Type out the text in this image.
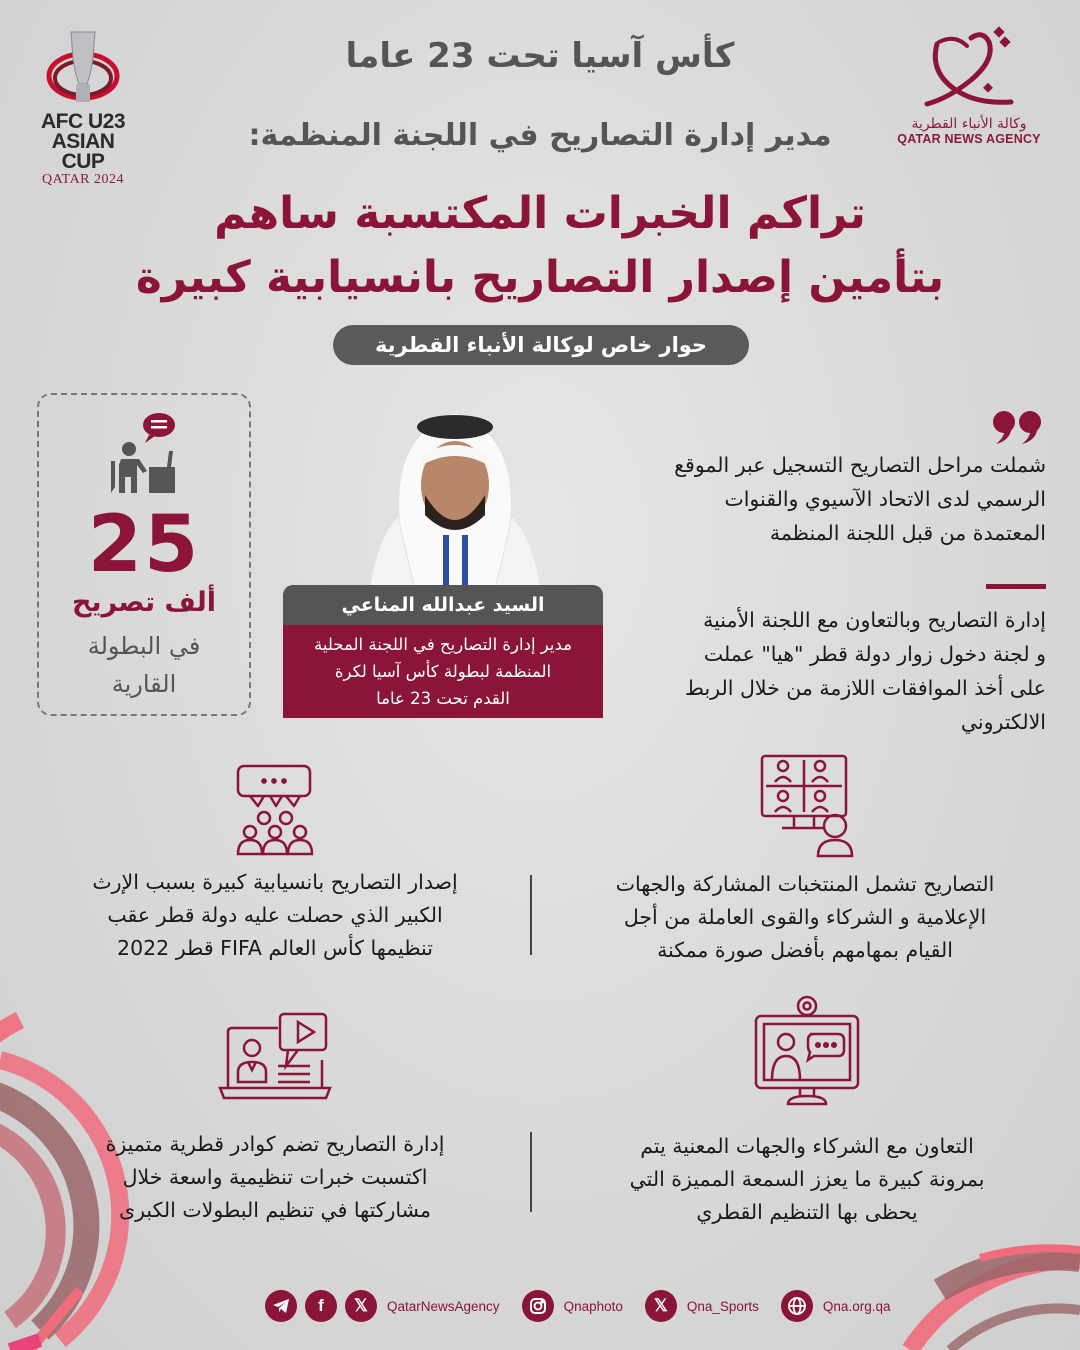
AFC U23
ASIAN CUP
QATAR 2024
وكالة الأنباء القطرية
QATAR NEWS AGENCY
كأس آسيا تحت 23 عاما
مدير إدارة التصاريح في اللجنة المنظمة:
تراكم الخبرات المكتسبة ساهم
بتأمين إصدار التصاريح بانسيابية كبيرة
حوار خاص لوكالة الأنباء القطرية
25
ألف تصريح
في البطولة
القارية
السيد عبدالله المناعي
مدير إدارة التصاريح في اللجنة المحلية
المنظمة لبطولة كأس آسيا لكرة
القدم تحت 23 عاما
شملت مراحل التصاريح التسجيل عبر الموقع
الرسمي لدى الاتحاد الآسيوي والقنوات
المعتمدة من قبل اللجنة المنظمة
إدارة التصاريح وبالتعاون مع اللجنة الأمنية
و لجنة دخول زوار دولة قطر "هيا" عملت
على أخذ الموافقات اللازمة من خلال الربط
الالكتروني
التصاريح تشمل المنتخبات المشاركة والجهات
الإعلامية و الشركاء والقوى العاملة من أجل
القيام بمهامهم بأفضل صورة ممكنة
إصدار التصاريح بانسيابية كبيرة بسبب الإرث
الكبير الذي حصلت عليه دولة قطر عقب
تنظيمها كأس العالم FIFA قطر 2022
التعاون مع الشركاء والجهات المعنية يتم
بمرونة كبيرة ما يعزز السمعة المميزة التي
يحظى بها التنظيم القطري
إدارة التصاريح تضم كوادر قطرية متميزة
اكتسبت خبرات تنظيمية واسعة خلال
مشاركتها في تنظيم البطولات الكبرى
f	𝕏	QatarNewsAgency	Qnaphoto	𝕏	Qna_Sports	Qna.org.qa
